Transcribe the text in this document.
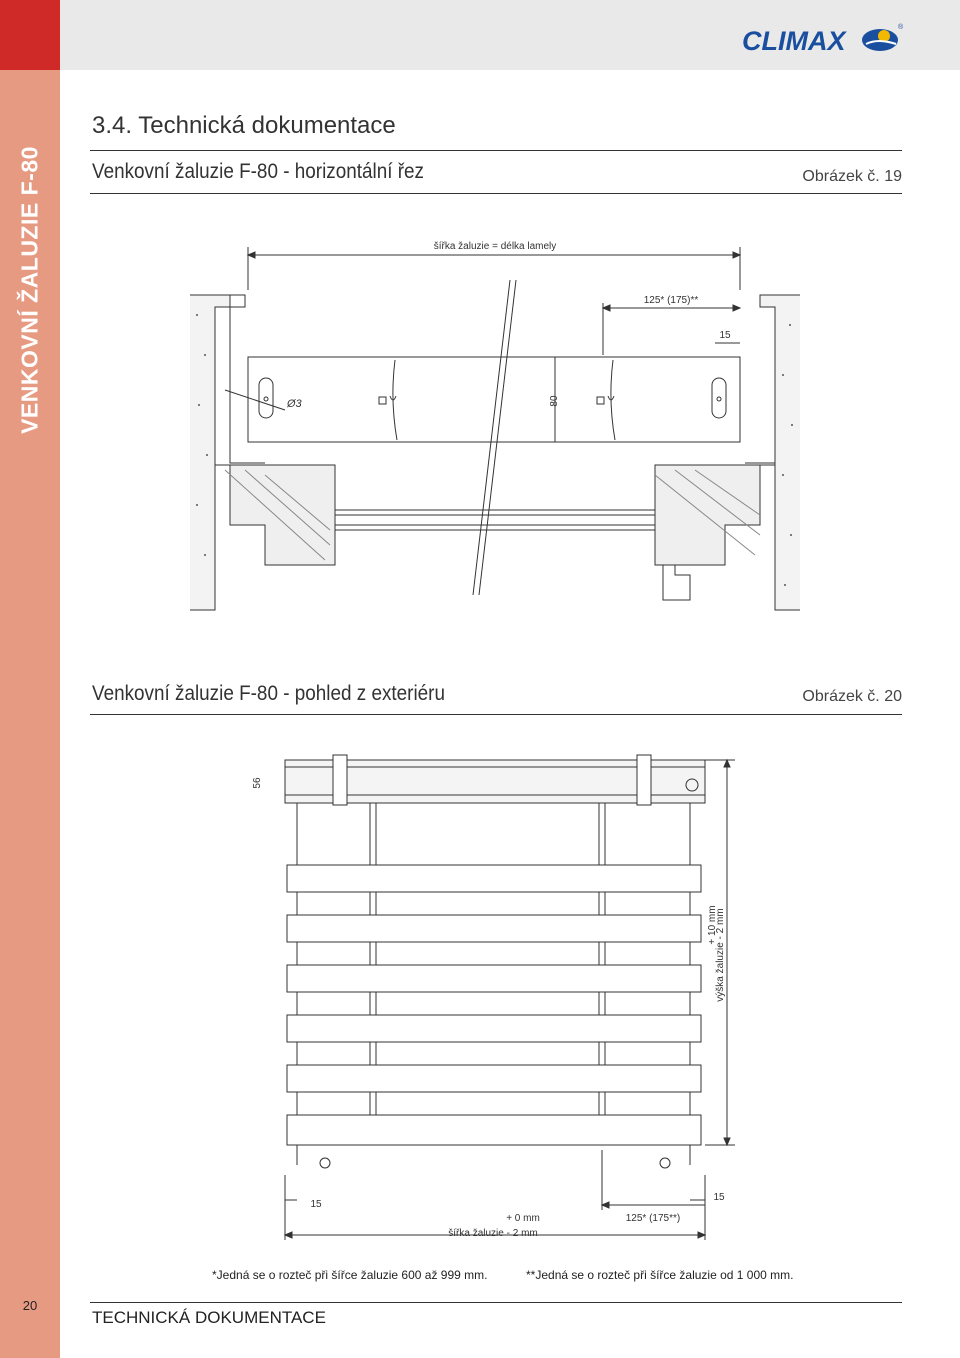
VENKOVNÍ ŽALUZIE F-80
20
CLIMAX	®
3.4. Technická dokumentace
Venkovní žaluzie F-80 - horizontální řez	Obrázek č. 19
šířka žaluzie = délka lamely
125* (175)**
15
Ø3	80
Venkovní žaluzie F-80 - pohled z exteriéru	Obrázek č. 20
56
+ 10 mm
výška žaluzie - 2 mm
15
15
+ 0 mm
šířka žaluzie - 2 mm
125* (175**)
*Jedná se o rozteč při šířce žaluzie 600 až 999 mm.	**Jedná se o rozteč při šířce žaluzie od 1 000 mm.
TECHNICKÁ DOKUMENTACE
